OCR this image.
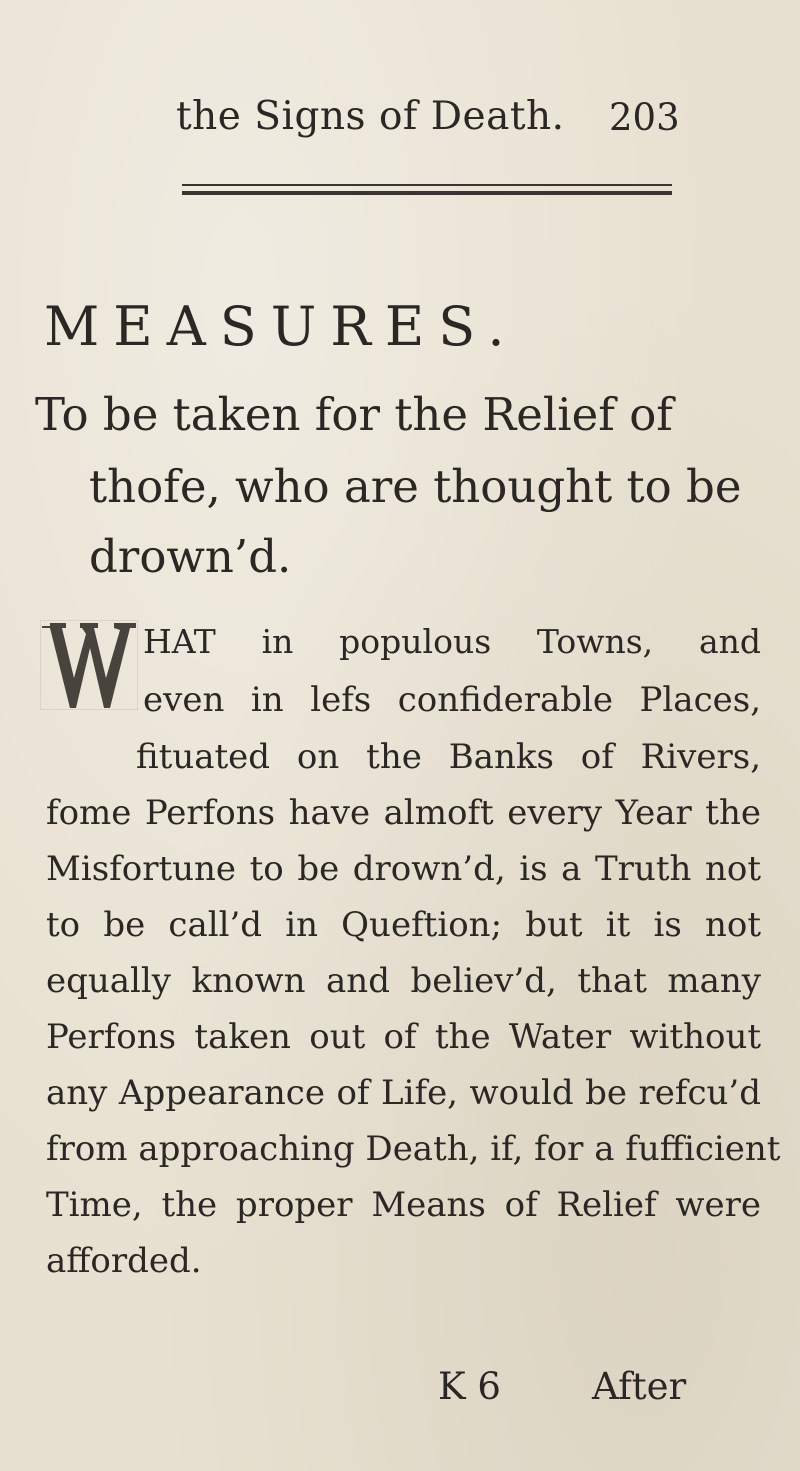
the Signs of Death. 203
MEASURES.
To be taken for the Relief of
thofe, who are thought to be
drown’d.
HAT in populous Towns, and
even in lefs confiderable Places,
fituated on the Banks of Rivers,
fome Perfons have almoft every Year the
Misfortune to be drown’d, is a Truth not
to be call’d in Queftion; but it is not
equally known and believ’d, that many
Perfons taken out of the Water without
any Appearance of Life, would be refcu’d
from approaching Death, if, for a fufficient
Time, the proper Means of Relief were
afforded.
K 6 After
